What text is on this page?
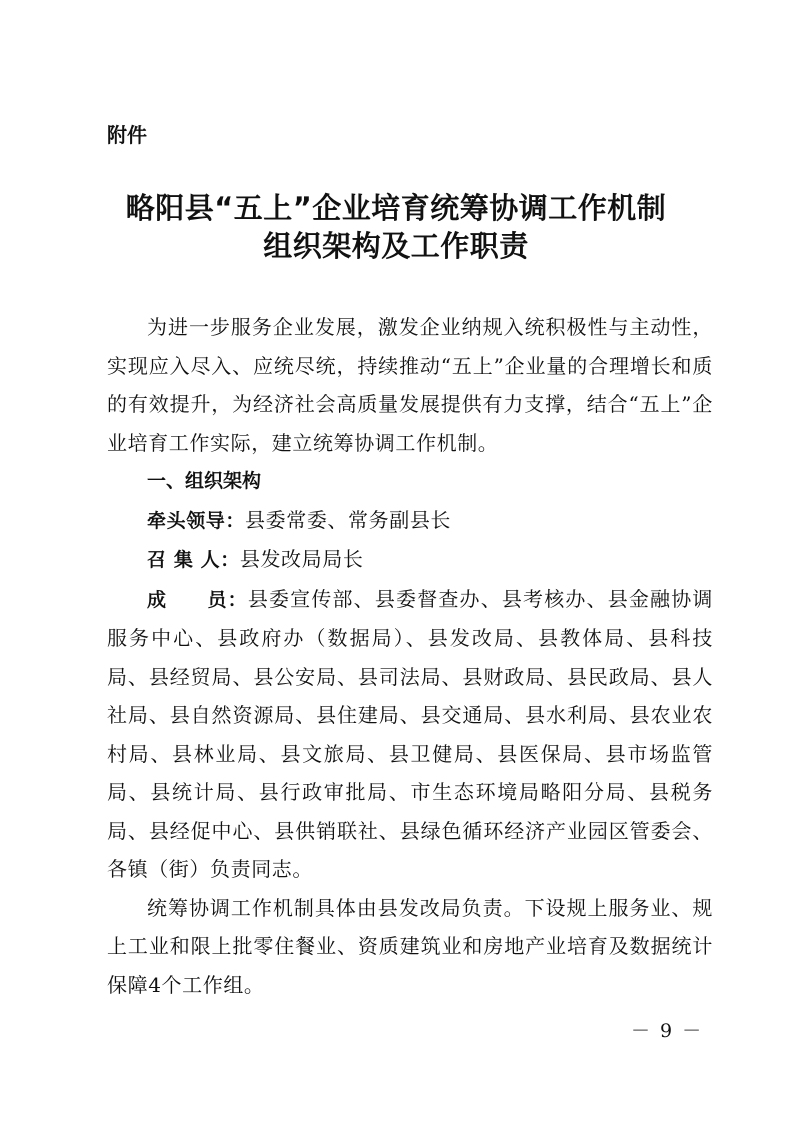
附件
略阳县“五上”企业培育统筹协调工作机制
组织架构及工作职责

为进一步服务企业发展，激发企业纳规入统积极性与主动性，实现应入尽入、应统尽统，持续推动“五上”企业量的合理增长和质的有效提升，为经济社会高质量发展提供有力支撑，结合“五上”企业培育工作实际，建立统筹协调工作机制。

一、组织架构

牵头领导：县委常委、常务副县长

召 集 人：县发改局局长

成　　员：县委宣传部、县委督查办、县考核办、县金融协调服务中心、县政府办（数据局）、县发改局、县教体局、县科技局、县经贸局、县公安局、县司法局、县财政局、县民政局、县人社局、县自然资源局、县住建局、县交通局、县水利局、县农业农村局、县林业局、县文旅局、县卫健局、县医保局、县市场监管局、县统计局、县行政审批局、市生态环境局略阳分局、县税务局、县经促中心、县供销联社、县绿色循环经济产业园区管委会、各镇（街）负责同志。

统筹协调工作机制具体由县发改局负责。下设规上服务业、规上工业和限上批零住餐业、资质建筑业和房地产业培育及数据统计保障4个工作组。

－ 9 －
